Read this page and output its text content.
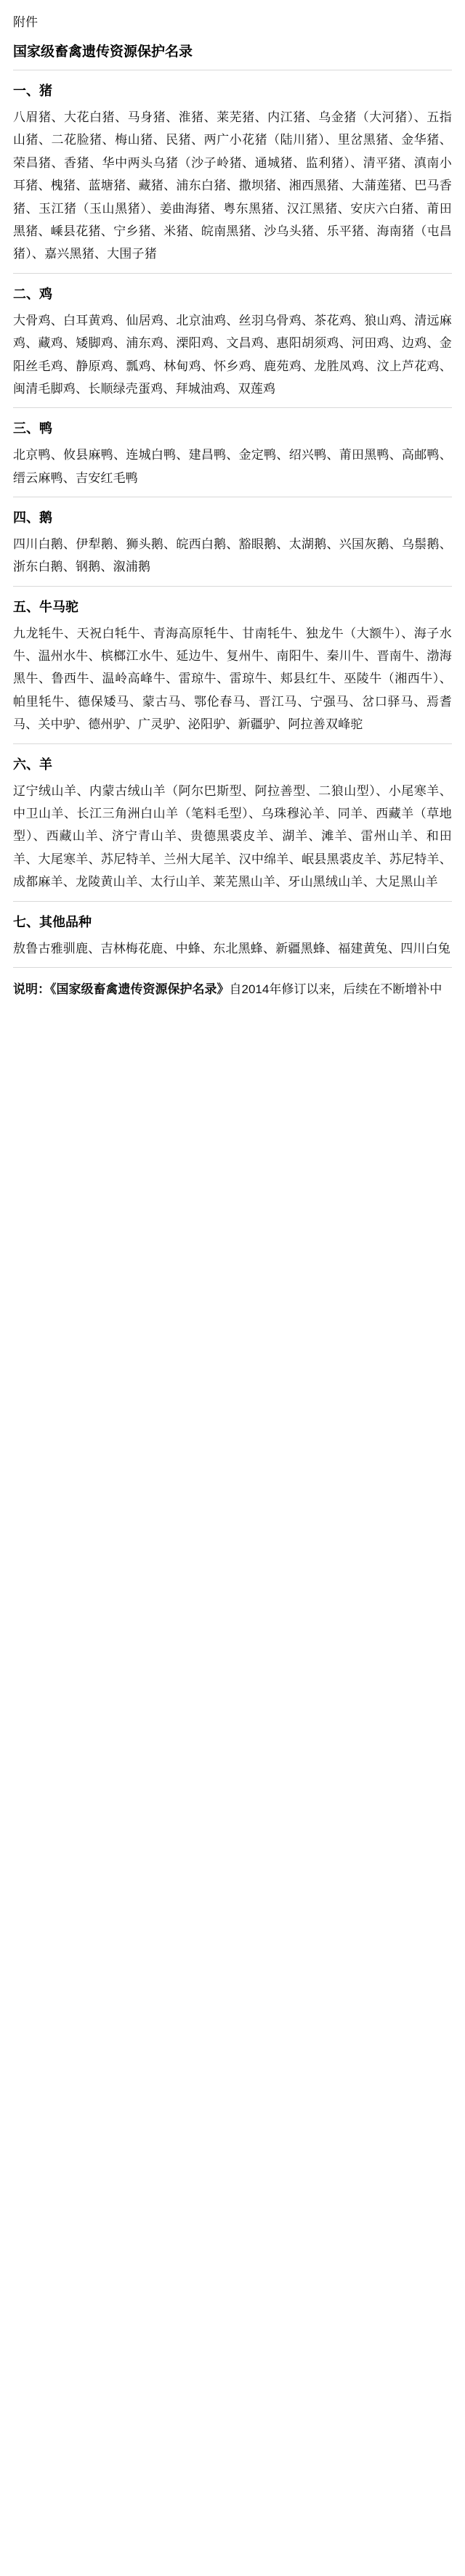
附件

国家级畜禽遗传资源保护名录
一、猪

八眉猪、大花白猪、马身猪、淮猪、莱芜猪、内江猪、乌金猪（大河猪）、五指山猪、二花脸猪、梅山猪、民猪、两广小花猪（陆川猪）、里岔黑猪、金华猪、荣昌猪、香猪、华中两头乌猪（沙子岭猪、通城猪、监利猪）、清平猪、滇南小耳猪、槐猪、蓝塘猪、藏猪、浦东白猪、撒坝猪、湘西黑猪、大蒲莲猪、巴马香猪、玉江猪（玉山黑猪）、姜曲海猪、粤东黑猪、汉江黑猪、安庆六白猪、莆田黑猪、嵊县花猪、宁乡猪、米猪、皖南黑猪、沙乌头猪、乐平猪、海南猪（屯昌猪）、嘉兴黑猪、大围子猪

二、鸡

大骨鸡、白耳黄鸡、仙居鸡、北京油鸡、丝羽乌骨鸡、茶花鸡、狼山鸡、清远麻鸡、藏鸡、矮脚鸡、浦东鸡、溧阳鸡、文昌鸡、惠阳胡须鸡、河田鸡、边鸡、金阳丝毛鸡、静原鸡、瓢鸡、林甸鸡、怀乡鸡、鹿苑鸡、龙胜凤鸡、汶上芦花鸡、闽清毛脚鸡、长顺绿壳蛋鸡、拜城油鸡、双莲鸡

三、鸭

北京鸭、攸县麻鸭、连城白鸭、建昌鸭、金定鸭、绍兴鸭、莆田黑鸭、高邮鸭、缙云麻鸭、吉安红毛鸭

四、鹅

四川白鹅、伊犁鹅、狮头鹅、皖西白鹅、豁眼鹅、太湖鹅、兴国灰鹅、乌鬃鹅、浙东白鹅、钢鹅、溆浦鹅

五、牛马驼

九龙牦牛、天祝白牦牛、青海高原牦牛、甘南牦牛、独龙牛（大额牛）、海子水牛、温州水牛、槟榔江水牛、延边牛、复州牛、南阳牛、秦川牛、晋南牛、渤海黑牛、鲁西牛、温岭高峰牛、雷琼牛、雷琼牛、郏县红牛、巫陵牛（湘西牛）、帕里牦牛、德保矮马、蒙古马、鄂伦春马、晋江马、宁强马、岔口驿马、焉耆马、关中驴、德州驴、广灵驴、泌阳驴、新疆驴、阿拉善双峰驼

六、羊

辽宁绒山羊、内蒙古绒山羊（阿尔巴斯型、阿拉善型、二狼山型）、小尾寒羊、中卫山羊、长江三角洲白山羊（笔料毛型）、乌珠穆沁羊、同羊、西藏羊（草地型）、西藏山羊、济宁青山羊、贵德黑裘皮羊、湖羊、滩羊、雷州山羊、和田羊、大尾寒羊、苏尼特羊、兰州大尾羊、汉中绵羊、岷县黑裘皮羊、苏尼特羊、成都麻羊、龙陵黄山羊、太行山羊、莱芜黑山羊、牙山黑绒山羊、大足黑山羊

七、其他品种

敖鲁古雅驯鹿、吉林梅花鹿、中蜂、东北黑蜂、新疆黑蜂、福建黄兔、四川白兔

说明：《国家级畜禽遗传资源保护名录》自2014年修订以来，后续在不断增补中
